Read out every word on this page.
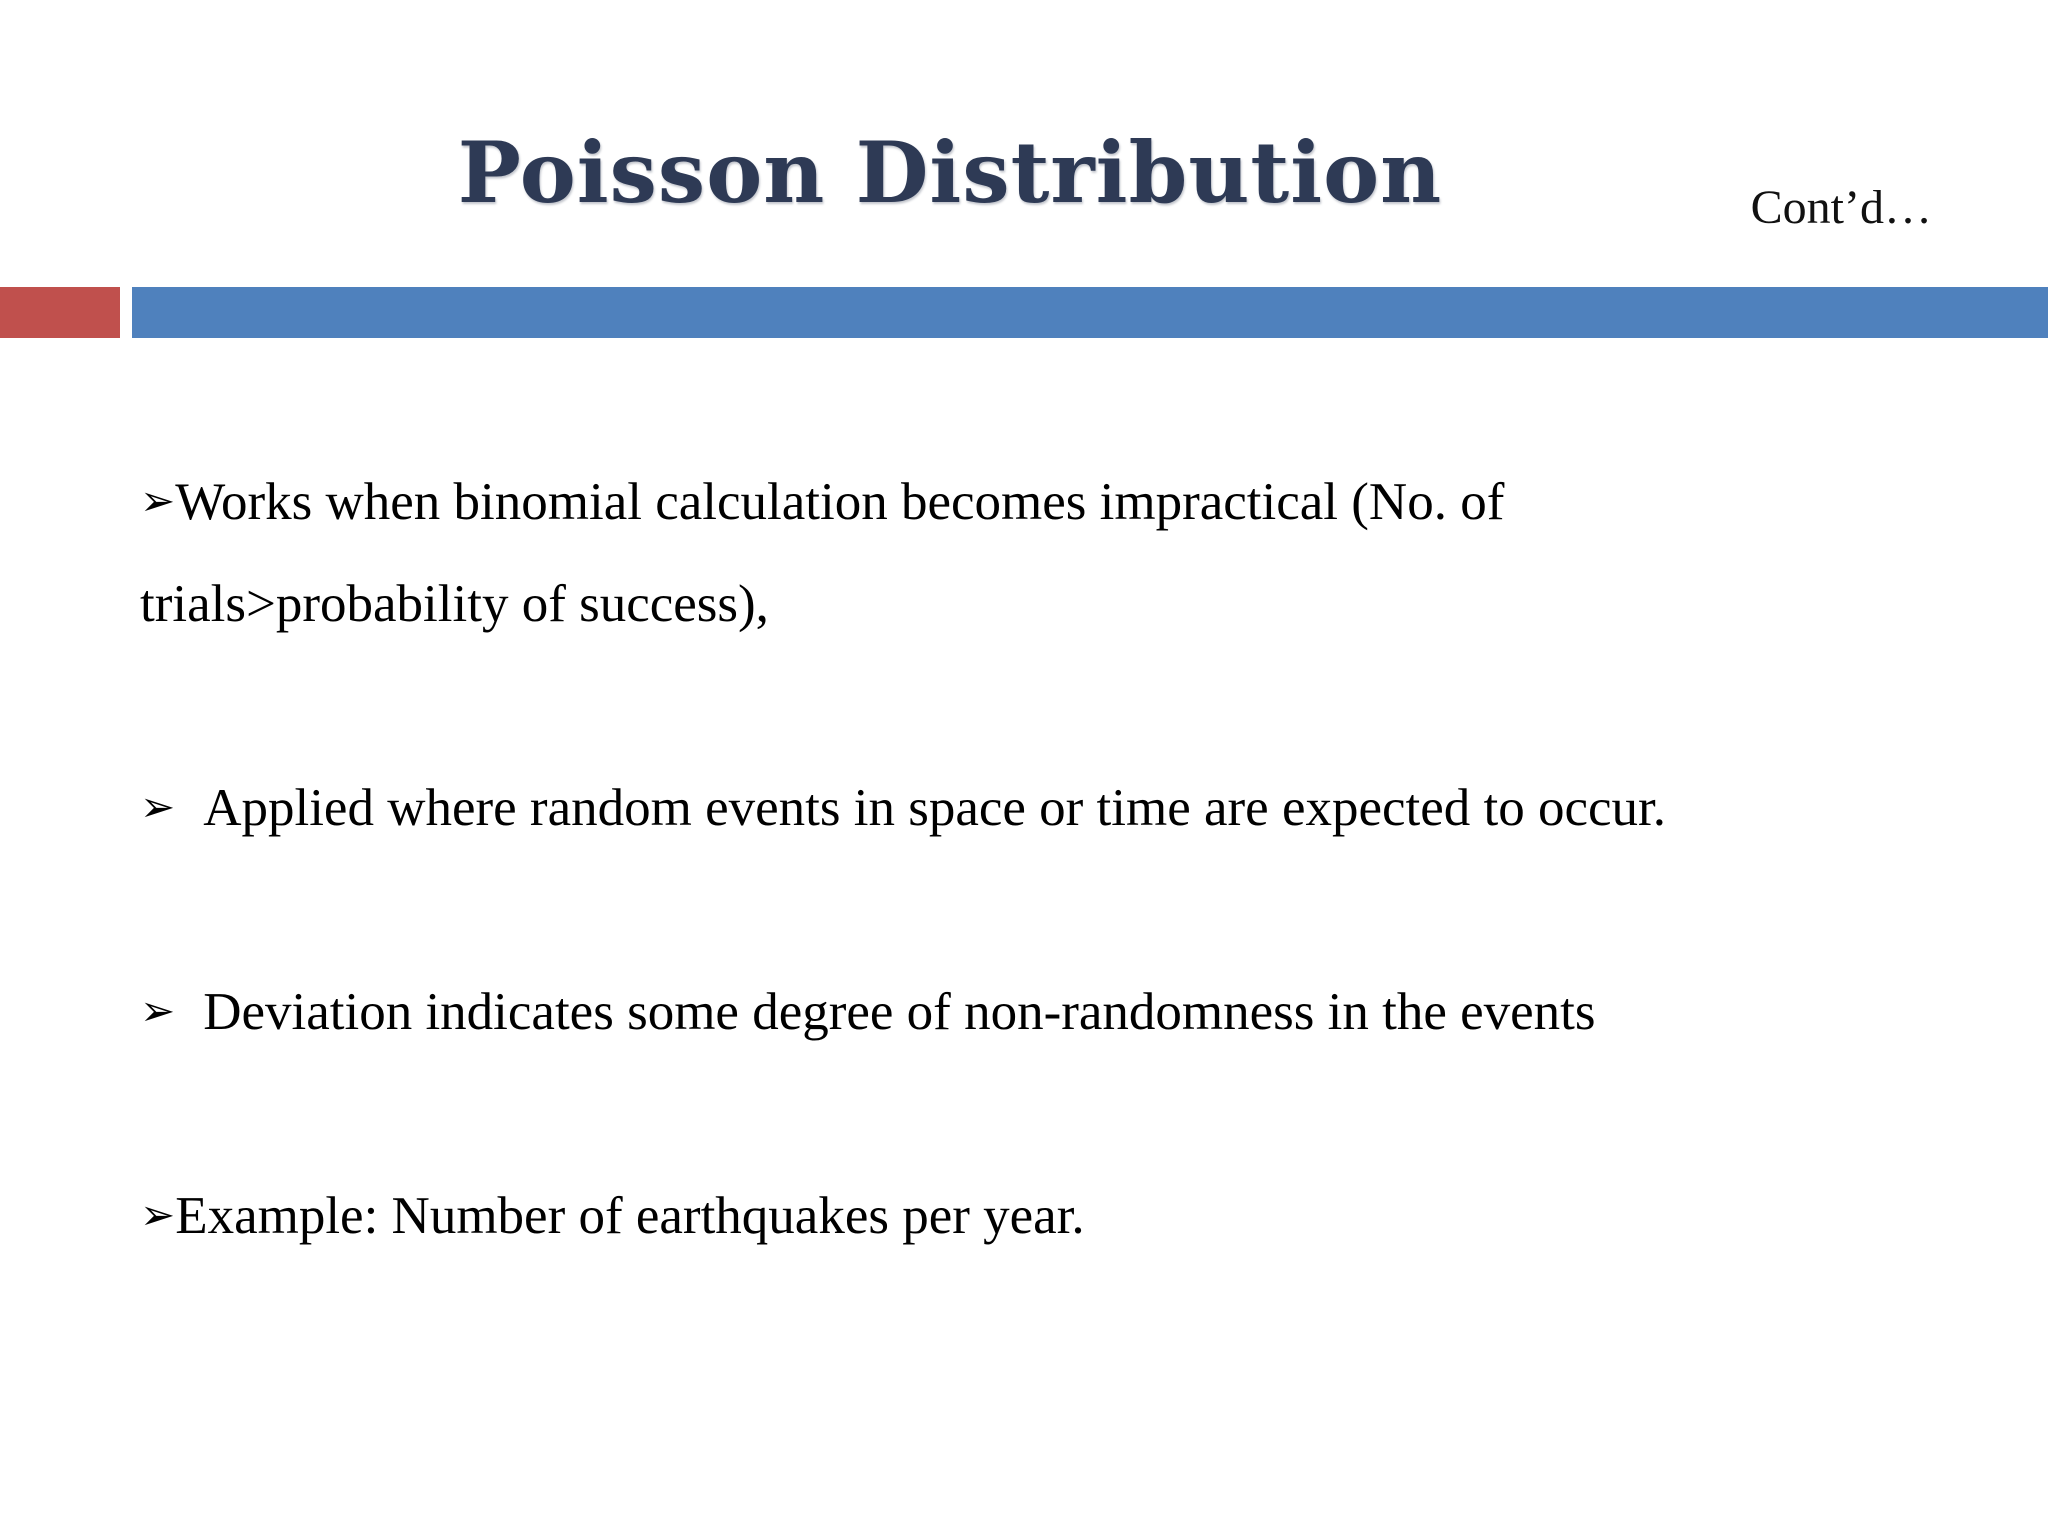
Poisson Distribution	Cont’d…
➢Works when binomial calculation becomes impractical (No. of
trials>probability of success),
➢ Applied where random events in space or time are expected to occur.
➢ Deviation indicates some degree of non-randomness in the events
➢Example: Number of earthquakes per year.
